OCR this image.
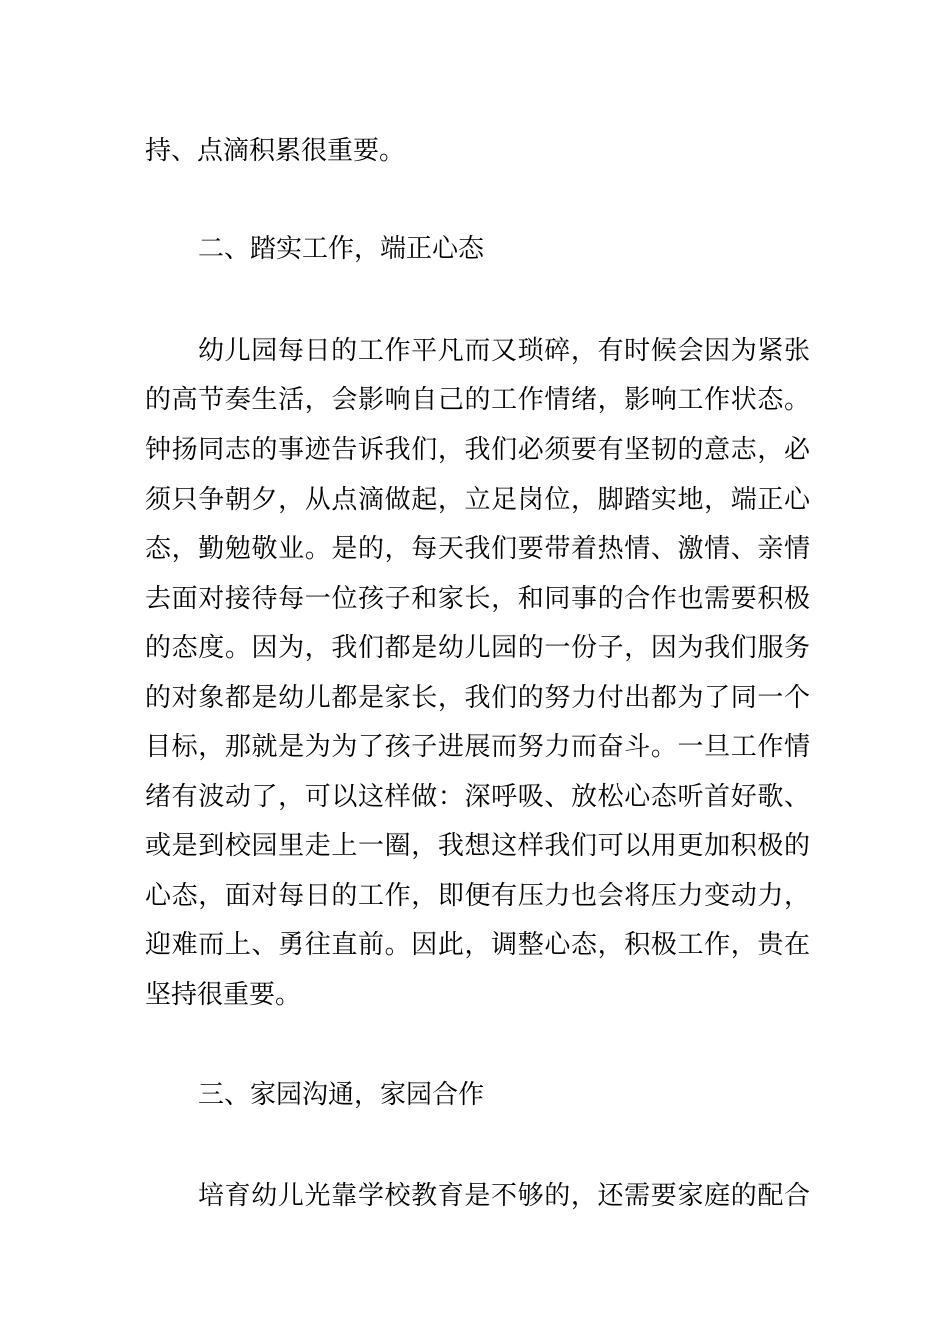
持、点滴积累很重要。
二、踏实工作，端正心态
幼儿园每日的工作平凡而又琐碎，有时候会因为紧张
的高节奏生活，会影响自己的工作情绪，影响工作状态。
钟扬同志的事迹告诉我们，我们必须要有坚韧的意志，必
须只争朝夕，从点滴做起，立足岗位，脚踏实地，端正心
态，勤勉敬业。是的，每天我们要带着热情、激情、亲情
去面对接待每一位孩子和家长，和同事的合作也需要积极
的态度。因为，我们都是幼儿园的一份子，因为我们服务
的对象都是幼儿都是家长，我们的努力付出都为了同一个
目标，那就是为为了孩子进展而努力而奋斗。一旦工作情
绪有波动了，可以这样做：深呼吸、放松心态听首好歌、
或是到校园里走上一圈，我想这样我们可以用更加积极的
心态，面对每日的工作，即便有压力也会将压力变动力，
迎难而上、勇往直前。因此，调整心态，积极工作，贵在
坚持很重要。
三、家园沟通，家园合作
培育幼儿光靠学校教育是不够的，还需要家庭的配合
